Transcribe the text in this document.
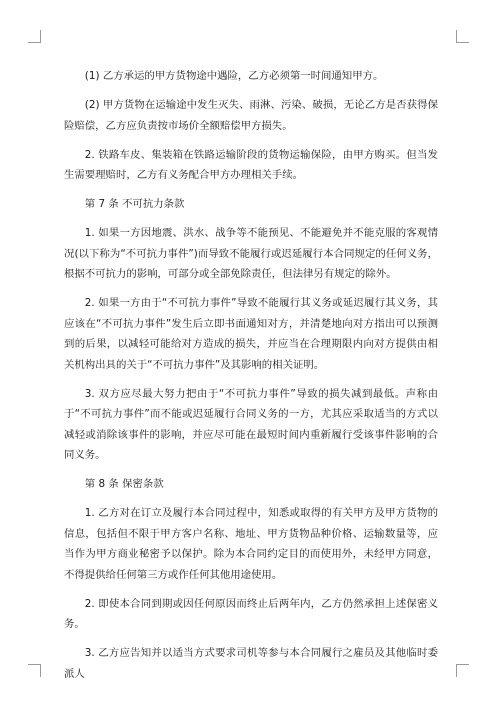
(1) 乙方承运的甲方货物途中遇险，乙方必须第一时间通知甲方。

(2) 甲方货物在运输途中发生灭失、雨淋、污染、破损，无论乙方是否获得保险赔偿，乙方应负责按市场价全额赔偿甲方损失。

2. 铁路车皮、集装箱在铁路运输阶段的货物运输保险，由甲方购买。但当发生需要理赔时，乙方有义务配合甲方办理相关手续。

第 7 条 不可抗力条款

1. 如果一方因地震、洪水、战争等不能预见、不能避免并不能克服的客观情况(以下称为“不可抗力事件”)而导致不能履行或迟延履行本合同规定的任何义务，根据不可抗力的影响，可部分或全部免除责任，但法律另有规定的除外。

2. 如果一方由于“不可抗力事件”导致不能履行其义务或延迟履行其义务，其应该在“不可抗力事件”发生后立即书面通知对方，并清楚地向对方指出可以预测到的后果，以减轻可能给对方造成的损失，并应当在合理期限内向对方提供由相关机构出具的关于“不可抗力事件”及其影响的相关证明。

3. 双方应尽最大努力把由于“不可抗力事件”导致的损失减到最低。声称由于“不可抗力事件”而不能或迟延履行合同义务的一方，尤其应采取适当的方式以减轻或消除该事件的影响，并应尽可能在最短时间内重新履行受该事件影响的合同义务。

第 8 条 保密条款

1. 乙方对在订立及履行本合同过程中，知悉或取得的有关甲方及甲方货物的信息，包括但不限于甲方客户名称、地址、甲方货物品种价格、运输数量等，应当作为甲方商业秘密予以保护。除为本合同约定目的而使用外，未经甲方同意，不得提供给任何第三方或作任何其他用途使用。

2. 即使本合同到期或因任何原因而终止后两年内，乙方仍然承担上述保密义务。

3. 乙方应告知并以适当方式要求司机等参与本合同履行之雇员及其他临时委派人
